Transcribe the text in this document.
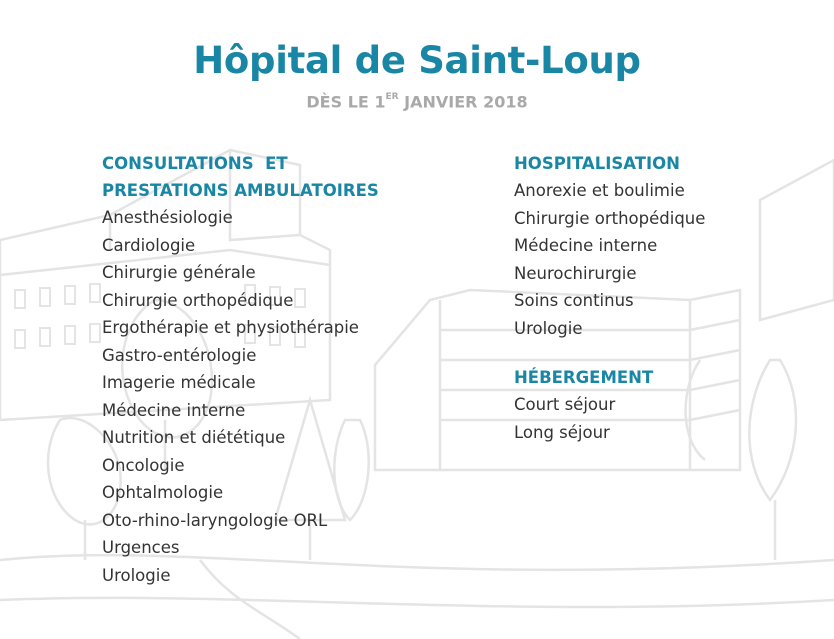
Hôpital de Saint-Loup
DÈS LE 1ER JANVIER 2018
CONSULTATIONS  ET
PRESTATIONS AMBULATOIRES
Anesthésiologie
Cardiologie
Chirurgie générale
Chirurgie orthopédique
Ergothérapie et physiothérapie
Gastro-entérologie
Imagerie médicale
Médecine interne
Nutrition et diététique
Oncologie
Ophtalmologie
Oto-rhino-laryngologie ORL
Urgences
Urologie
HOSPITALISATION
Anorexie et boulimie
Chirurgie orthopédique
Médecine interne
Neurochirurgie
Soins continus
Urologie
HÉBERGEMENT
Court séjour
Long séjour
